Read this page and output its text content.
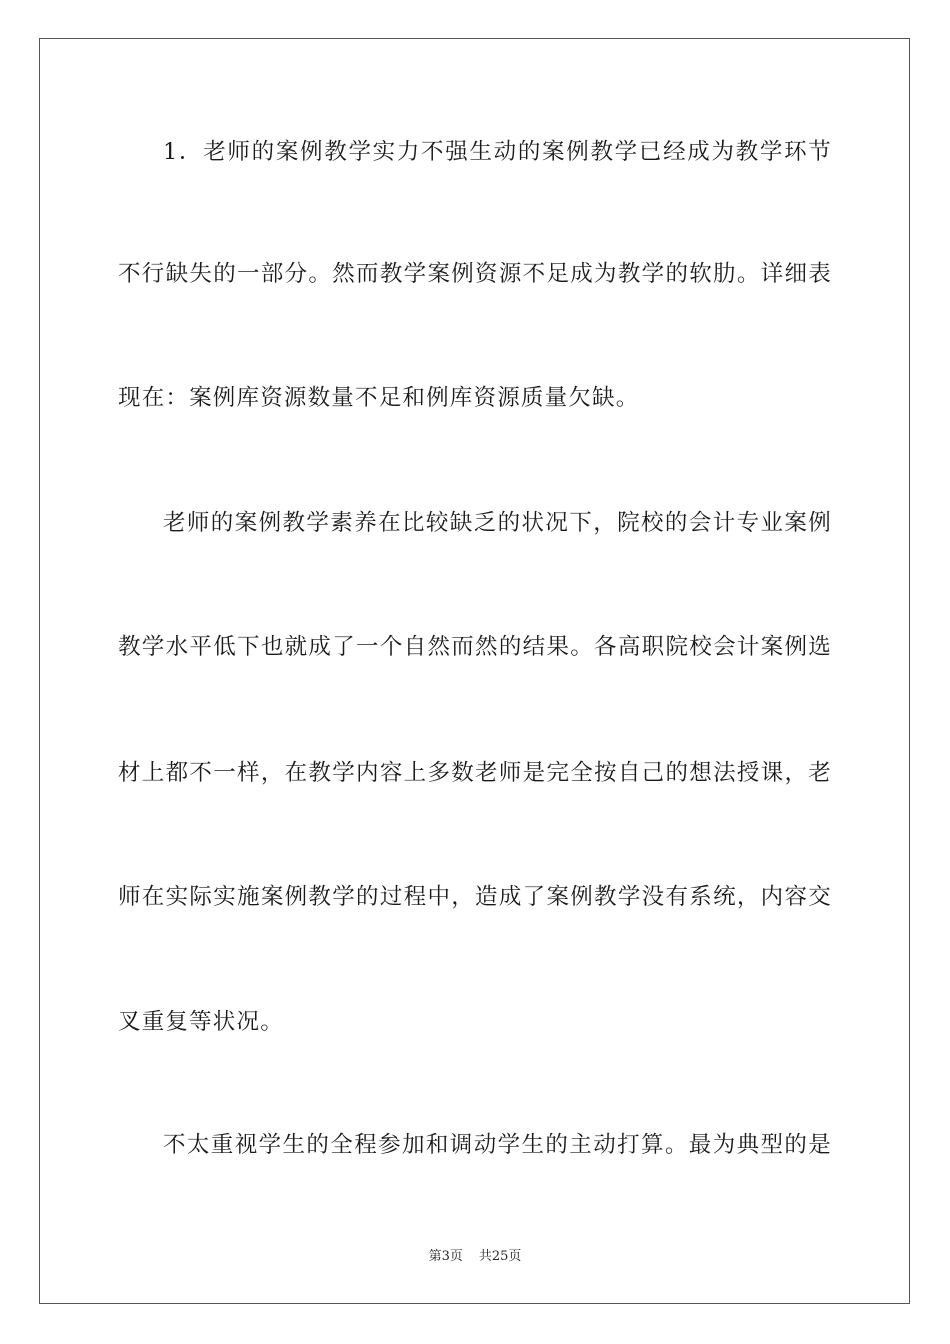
1．老师的案例教学实力不强生动的案例教学已经成为教学环节
不行缺失的一部分。然而教学案例资源不足成为教学的软肋。详细表
现在：案例库资源数量不足和例库资源质量欠缺。
老师的案例教学素养在比较缺乏的状况下，院校的会计专业案例
教学水平低下也就成了一个自然而然的结果。各高职院校会计案例选
材上都不一样，在教学内容上多数老师是完全按自己的想法授课，老
师在实际实施案例教学的过程中，造成了案例教学没有系统，内容交
叉重复等状况。
不太重视学生的全程参加和调动学生的主动打算。最为典型的是
第3页 共25页
